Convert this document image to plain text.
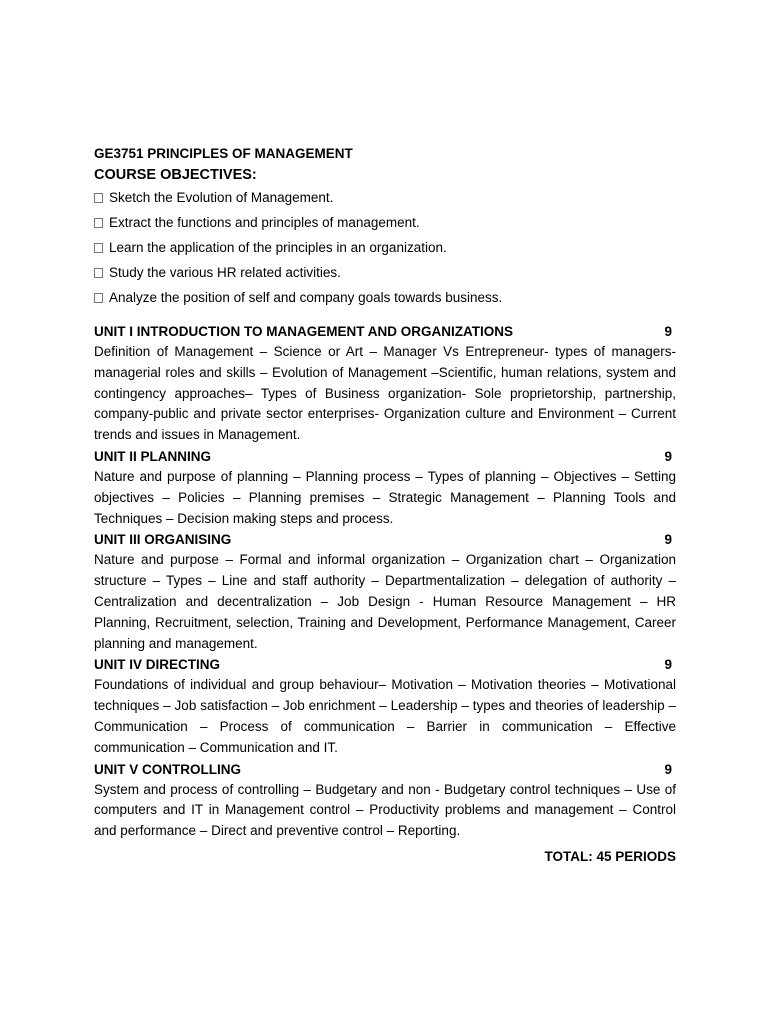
GE3751 PRINCIPLES OF MANAGEMENT
COURSE OBJECTIVES:
Sketch the Evolution of Management.
Extract the functions and principles of management.
Learn the application of the principles in an organization.
Study the various HR related activities.
Analyze the position of self and company goals towards business.
UNIT I INTRODUCTION TO MANAGEMENT AND ORGANIZATIONS	9

Definition of Management – Science or Art – Manager Vs Entrepreneur- types of managers-managerial roles and skills – Evolution of Management –Scientific, human relations, system and contingency approaches– Types of Business organization- Sole proprietorship, partnership, company-public and private sector enterprises- Organization culture and Environment – Current trends and issues in Management.

UNIT II PLANNING	9

Nature and purpose of planning – Planning process – Types of planning – Objectives – Setting objectives – Policies – Planning premises – Strategic Management – Planning Tools and Techniques – Decision making steps and process.

UNIT III ORGANISING	9

Nature and purpose – Formal and informal organization – Organization chart – Organization structure – Types – Line and staff authority – Departmentalization – delegation of authority – Centralization and decentralization – Job Design - Human Resource Management – HR Planning, Recruitment, selection, Training and Development, Performance Management, Career planning and management.

UNIT IV DIRECTING	9

Foundations of individual and group behaviour– Motivation – Motivation theories – Motivational techniques – Job satisfaction – Job enrichment – Leadership – types and theories of leadership – Communication – Process of communication – Barrier in communication – Effective communication – Communication and IT.

UNIT V CONTROLLING	9

System and process of controlling – Budgetary and non - Budgetary control techniques – Use of computers and IT in Management control – Productivity problems and management – Control and performance – Direct and preventive control – Reporting.

TOTAL: 45 PERIODS
